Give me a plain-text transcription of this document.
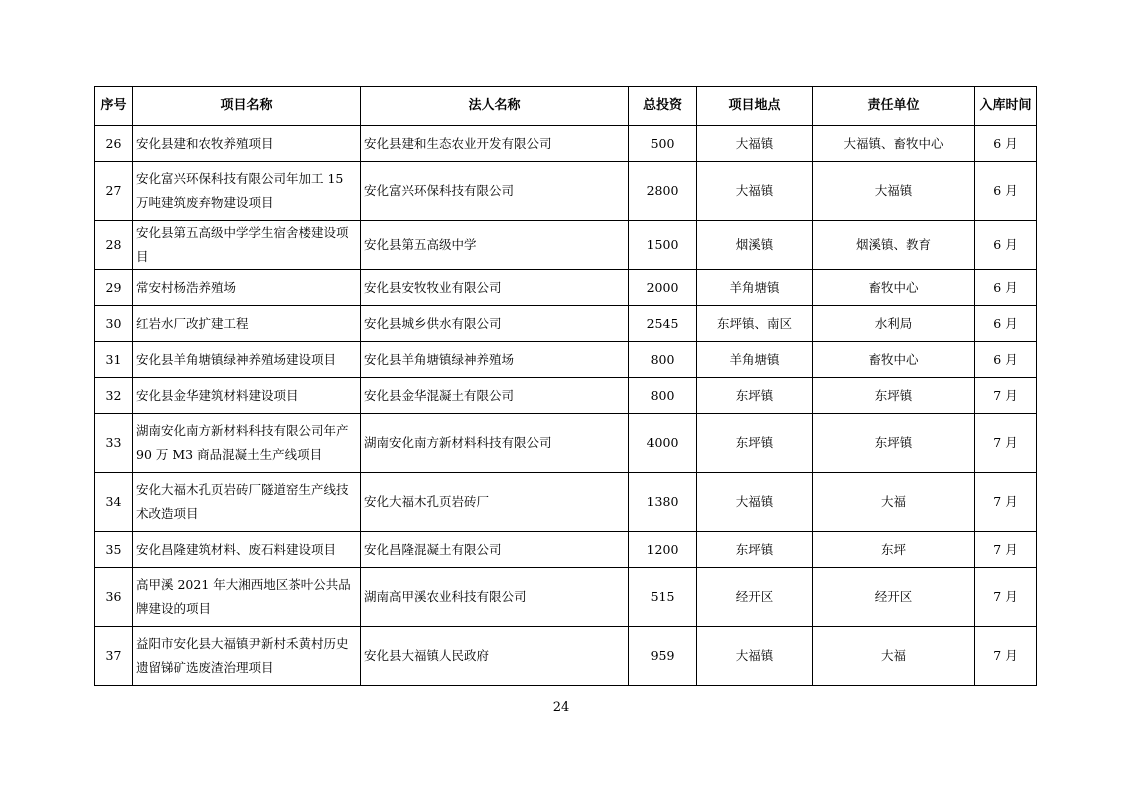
序号	项目名称	法人名称	总投资	项目地点	责任单位	入库时间
26	安化县建和农牧养殖项目	安化县建和生态农业开发有限公司	500	大福镇	大福镇、畜牧中心	6 月
27	安化富兴环保科技有限公司年加工 15 万吨建筑废弃物建设项目	安化富兴环保科技有限公司	2800	大福镇	大福镇	6 月
28	安化县第五高级中学学生宿舍楼建设项目	安化县第五高级中学	1500	烟溪镇	烟溪镇、教育	6 月
29	常安村杨浩养殖场	安化县安牧牧业有限公司	2000	羊角塘镇	畜牧中心	6 月
30	红岩水厂改扩建工程	安化县城乡供水有限公司	2545	东坪镇、南区	水利局	6 月
31	安化县羊角塘镇绿神养殖场建设项目	安化县羊角塘镇绿神养殖场	800	羊角塘镇	畜牧中心	6 月
32	安化县金华建筑材料建设项目	安化县金华混凝土有限公司	800	东坪镇	东坪镇	7 月
33	湖南安化南方新材料科技有限公司年产 90 万 M3 商品混凝土生产线项目	湖南安化南方新材料科技有限公司	4000	东坪镇	东坪镇	7 月
34	安化大福木孔页岩砖厂隧道窑生产线技术改造项目	安化大福木孔页岩砖厂	1380	大福镇	大福	7 月
35	安化昌隆建筑材料、废石料建设项目	安化昌隆混凝土有限公司	1200	东坪镇	东坪	7 月
36	高甲溪 2021 年大湘西地区茶叶公共品牌建设的项目	湖南高甲溪农业科技有限公司	515	经开区	经开区	7 月
37	益阳市安化县大福镇尹新村禾黄村历史遗留锑矿选废渣治理项目	安化县大福镇人民政府	959	大福镇	大福	7 月
24
